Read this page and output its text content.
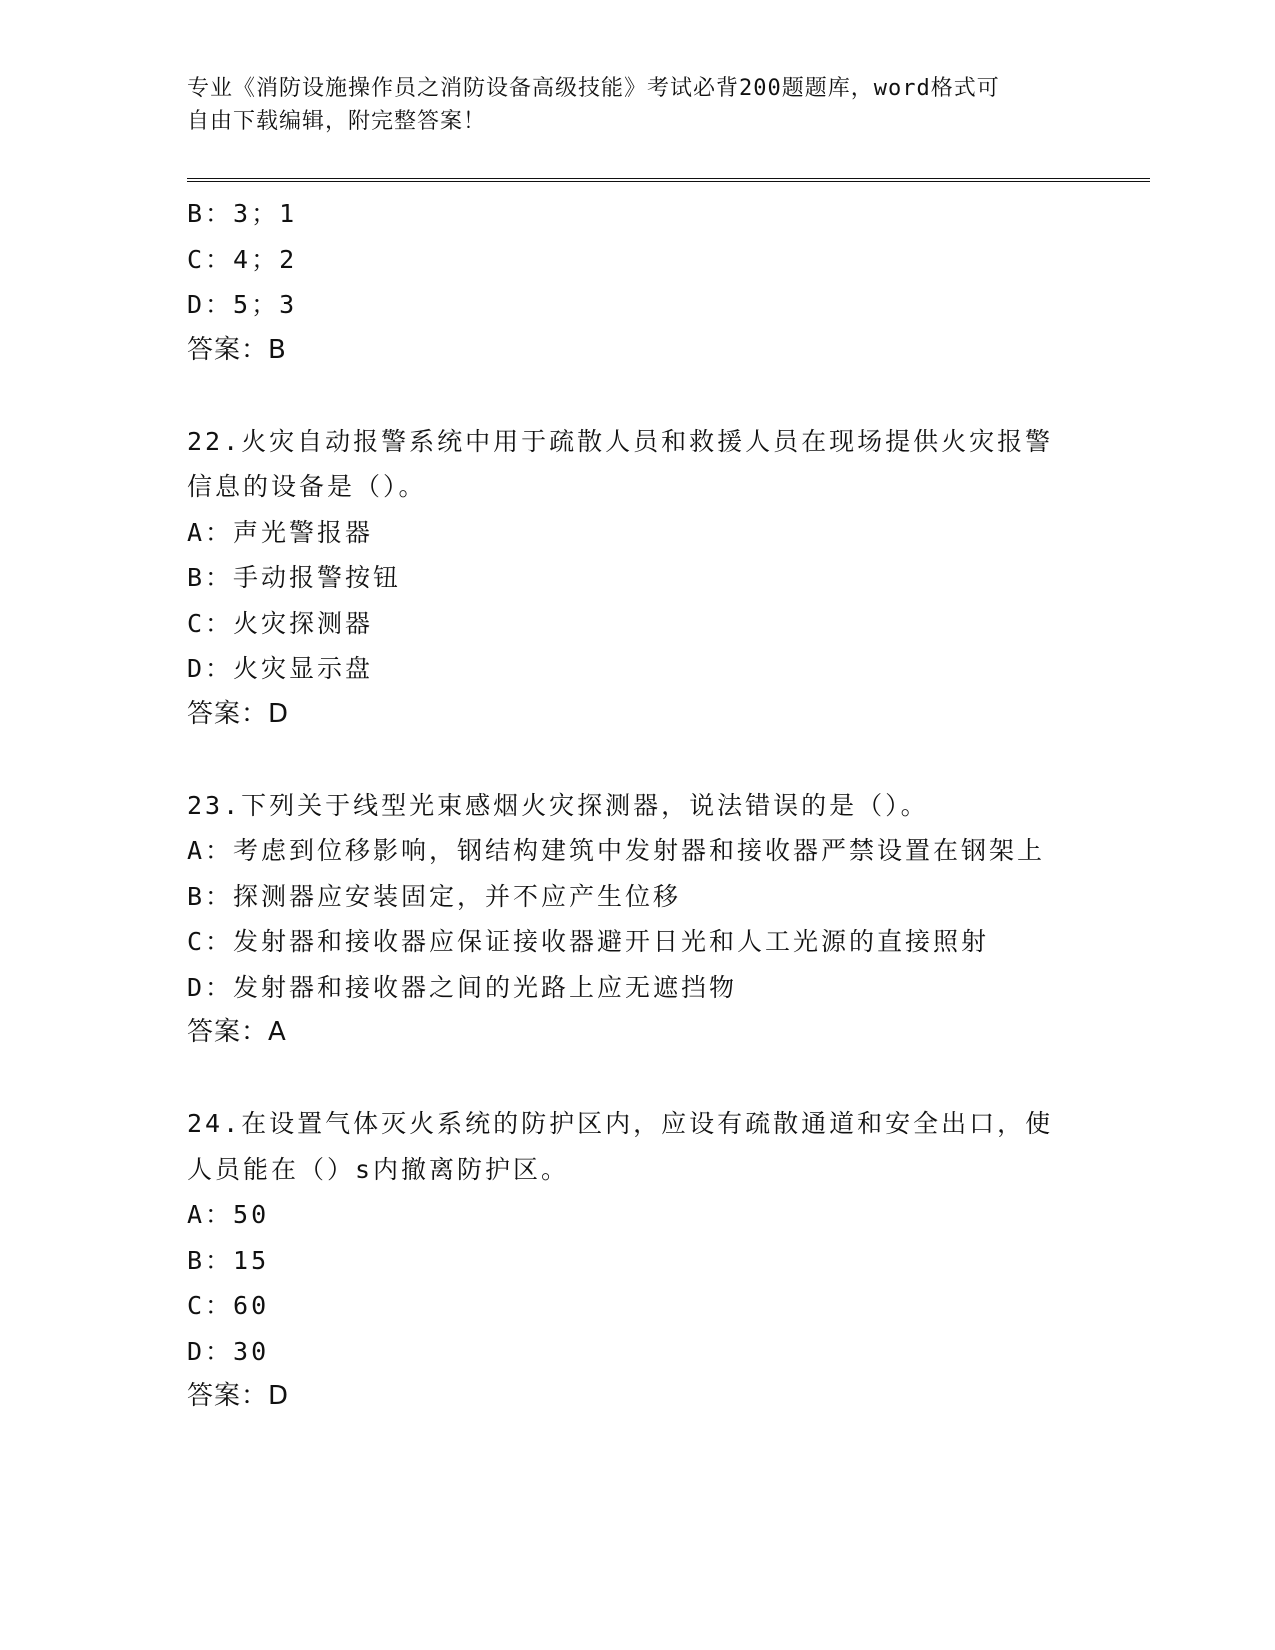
专业《消防设施操作员之消防设备高级技能》考试必背200题题库，word格式可
自由下载编辑，附完整答案！
B：3；1
C：4；2
D：5；3
答案：B
22.火灾自动报警系统中用于疏散人员和救援人员在现场提供火灾报警
信息的设备是（）。
A：声光警报器
B：手动报警按钮
C：火灾探测器
D：火灾显示盘
答案：D
23.下列关于线型光束感烟火灾探测器，说法错误的是（）。
A：考虑到位移影响，钢结构建筑中发射器和接收器严禁设置在钢架上
B：探测器应安装固定，并不应产生位移
C：发射器和接收器应保证接收器避开日光和人工光源的直接照射
D：发射器和接收器之间的光路上应无遮挡物
答案：A
24.在设置气体灭火系统的防护区内，应设有疏散通道和安全出口，使
人员能在（）s内撤离防护区。
A：50
B：15
C：60
D：30
答案：D
